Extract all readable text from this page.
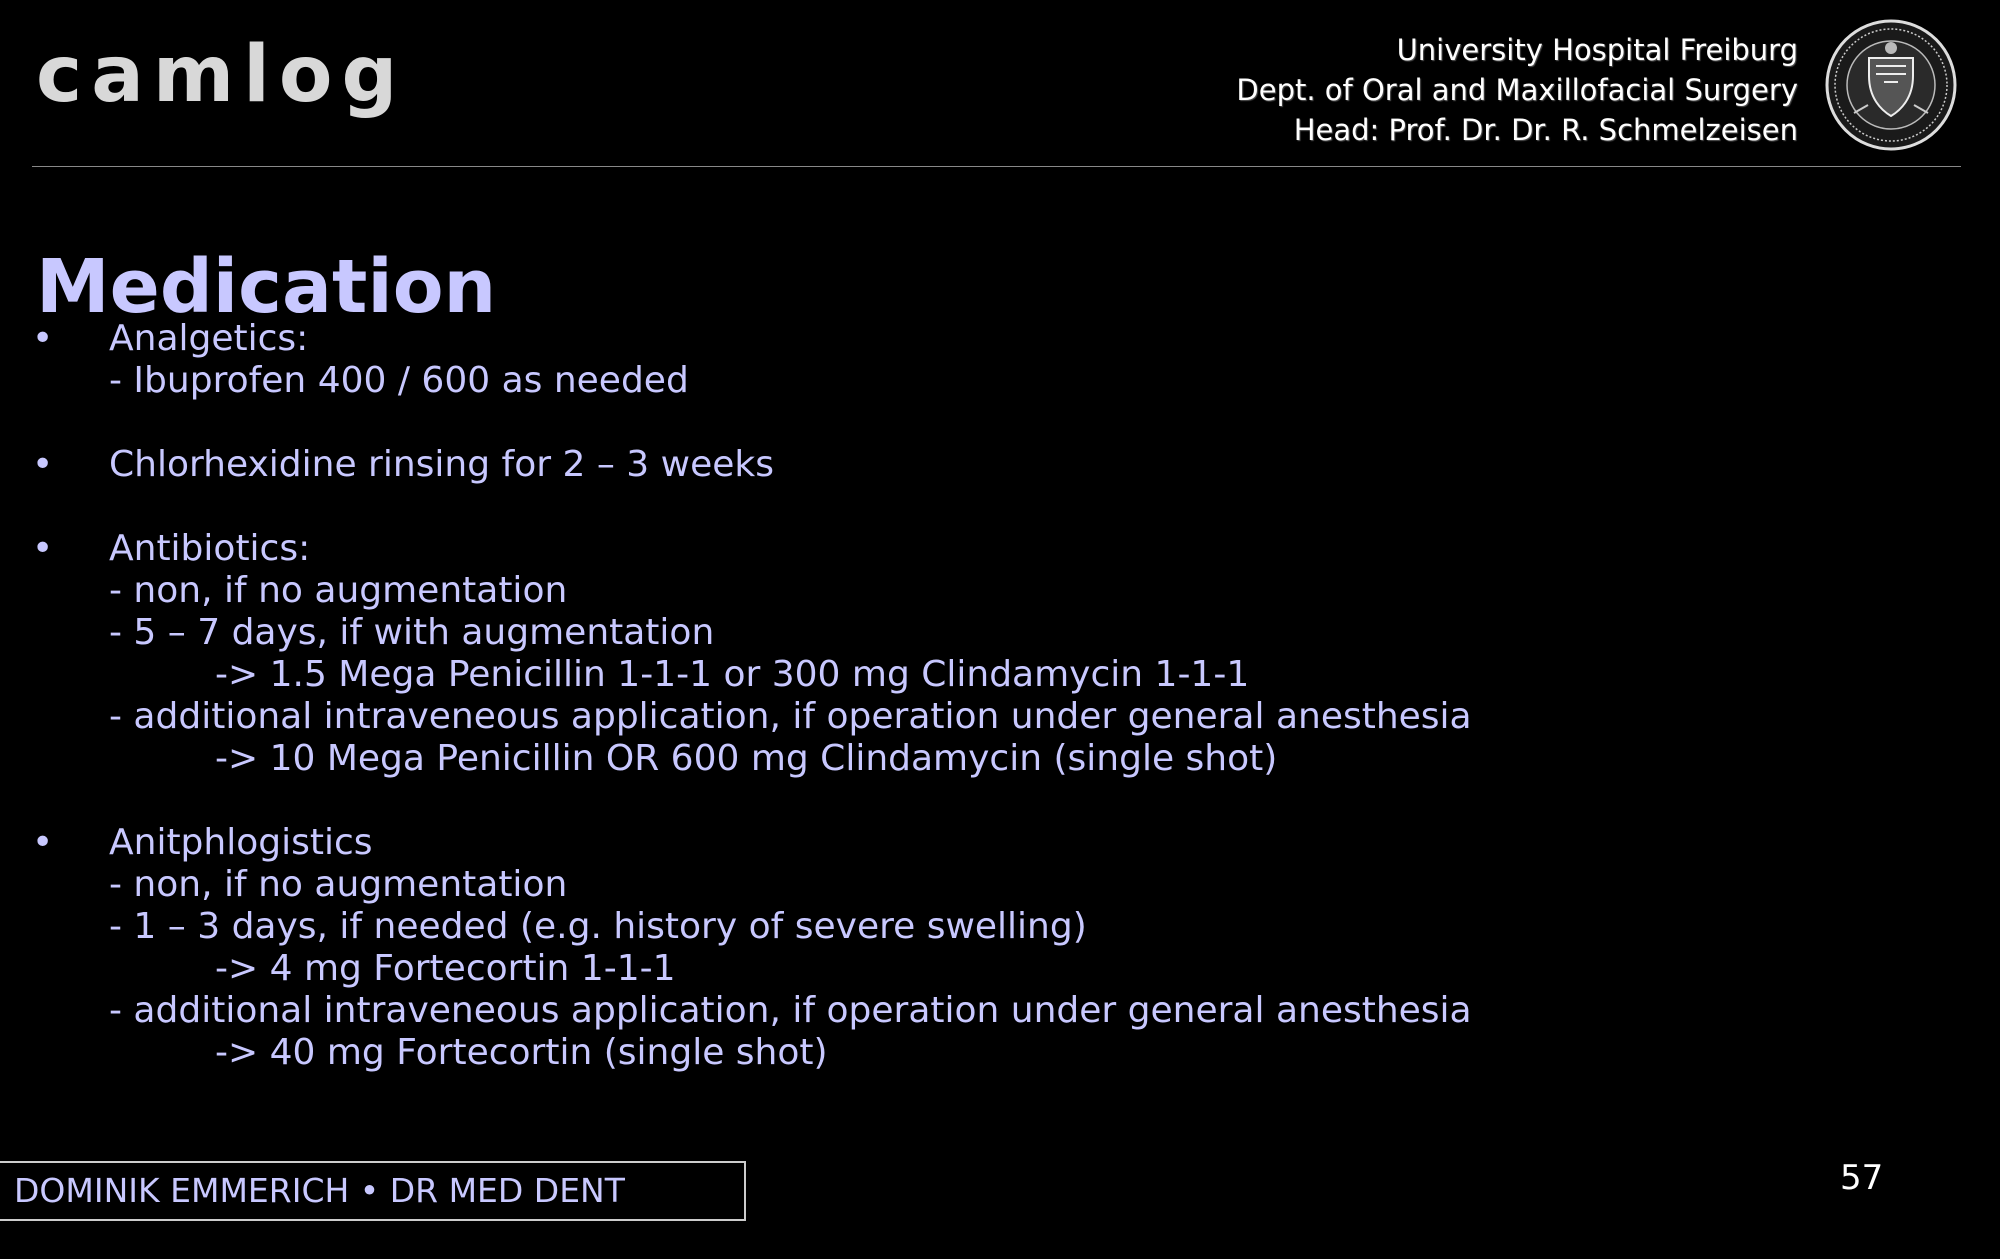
camlog	University Hospital Freiburg
Dept. of Oral and Maxillofacial Surgery
Head: Prof. Dr. Dr. R. Schmelzeisen
Medication
• Analgetics:
- Ibuprofen 400 / 600 as needed
• Chlorhexidine rinsing for 2 – 3 weeks
• Antibiotics:
- non, if no augmentation
- 5 – 7 days, if with augmentation
-> 1.5 Mega Penicillin 1-1-1 or 300 mg Clindamycin 1-1-1
- additional intraveneous application, if operation under general anesthesia
-> 10 Mega Penicillin OR 600 mg Clindamycin (single shot)
• Anitphlogistics
- non, if no augmentation
- 1 – 3 days, if needed (e.g. history of severe swelling)
-> 4 mg Fortecortin 1-1-1
- additional intraveneous application, if operation under general anesthesia
-> 40 mg Fortecortin (single shot)
DOMINIK EMMERICH • DR MED DENT	57
